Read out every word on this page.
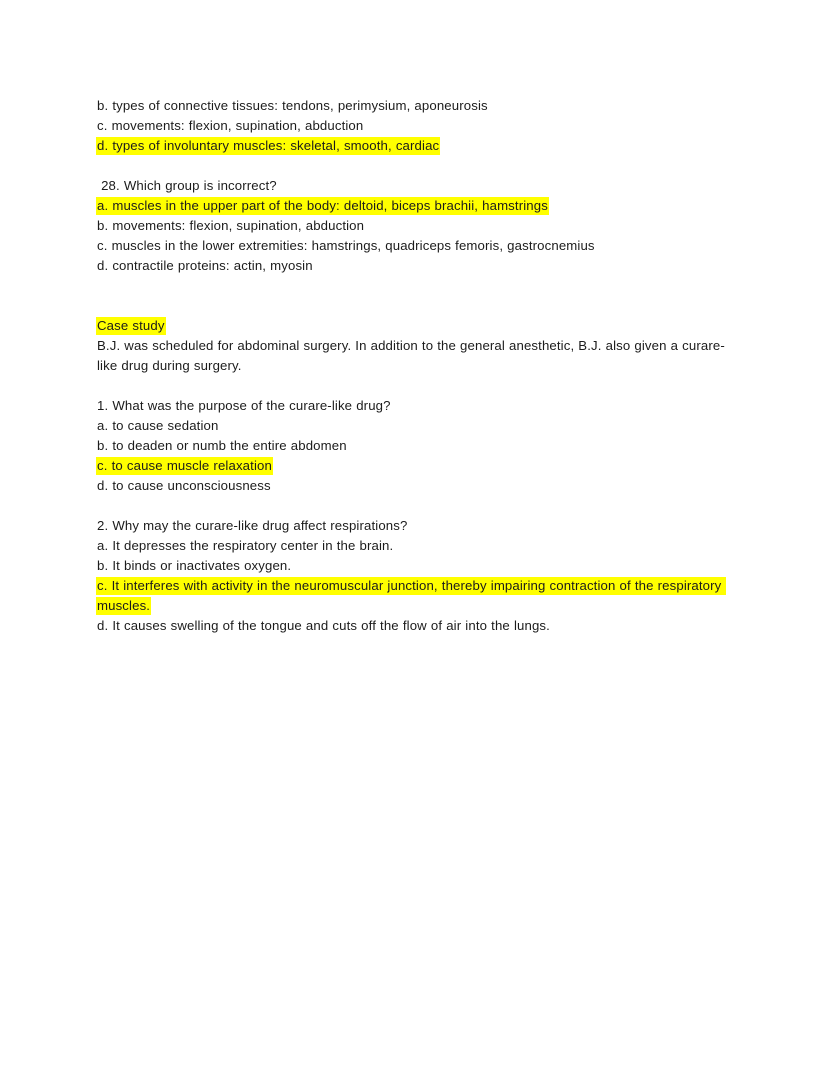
b. types of connective tissues: tendons, perimysium, aponeurosis
c. movements: flexion, supination, abduction
d. types of involuntary muscles: skeletal, smooth, cardiac
28. Which group is incorrect?
a. muscles in the upper part of the body: deltoid, biceps brachii, hamstrings
b. movements: flexion, supination, abduction
c. muscles in the lower extremities: hamstrings, quadriceps femoris, gastrocnemius
d. contractile proteins: actin, myosin
Case study
B.J. was scheduled for abdominal surgery. In addition to the general anesthetic, B.J. also given a curare-like drug during surgery.
1. What was the purpose of the curare-like drug?
a. to cause sedation
b. to deaden or numb the entire abdomen
c. to cause muscle relaxation
d. to cause unconsciousness
2. Why may the curare-like drug affect respirations?
a. It depresses the respiratory center in the brain.
b. It binds or inactivates oxygen.
c. It interferes with activity in the neuromuscular junction, thereby impairing contraction of the respiratory muscles.
d. It causes swelling of the tongue and cuts off the flow of air into the lungs.
